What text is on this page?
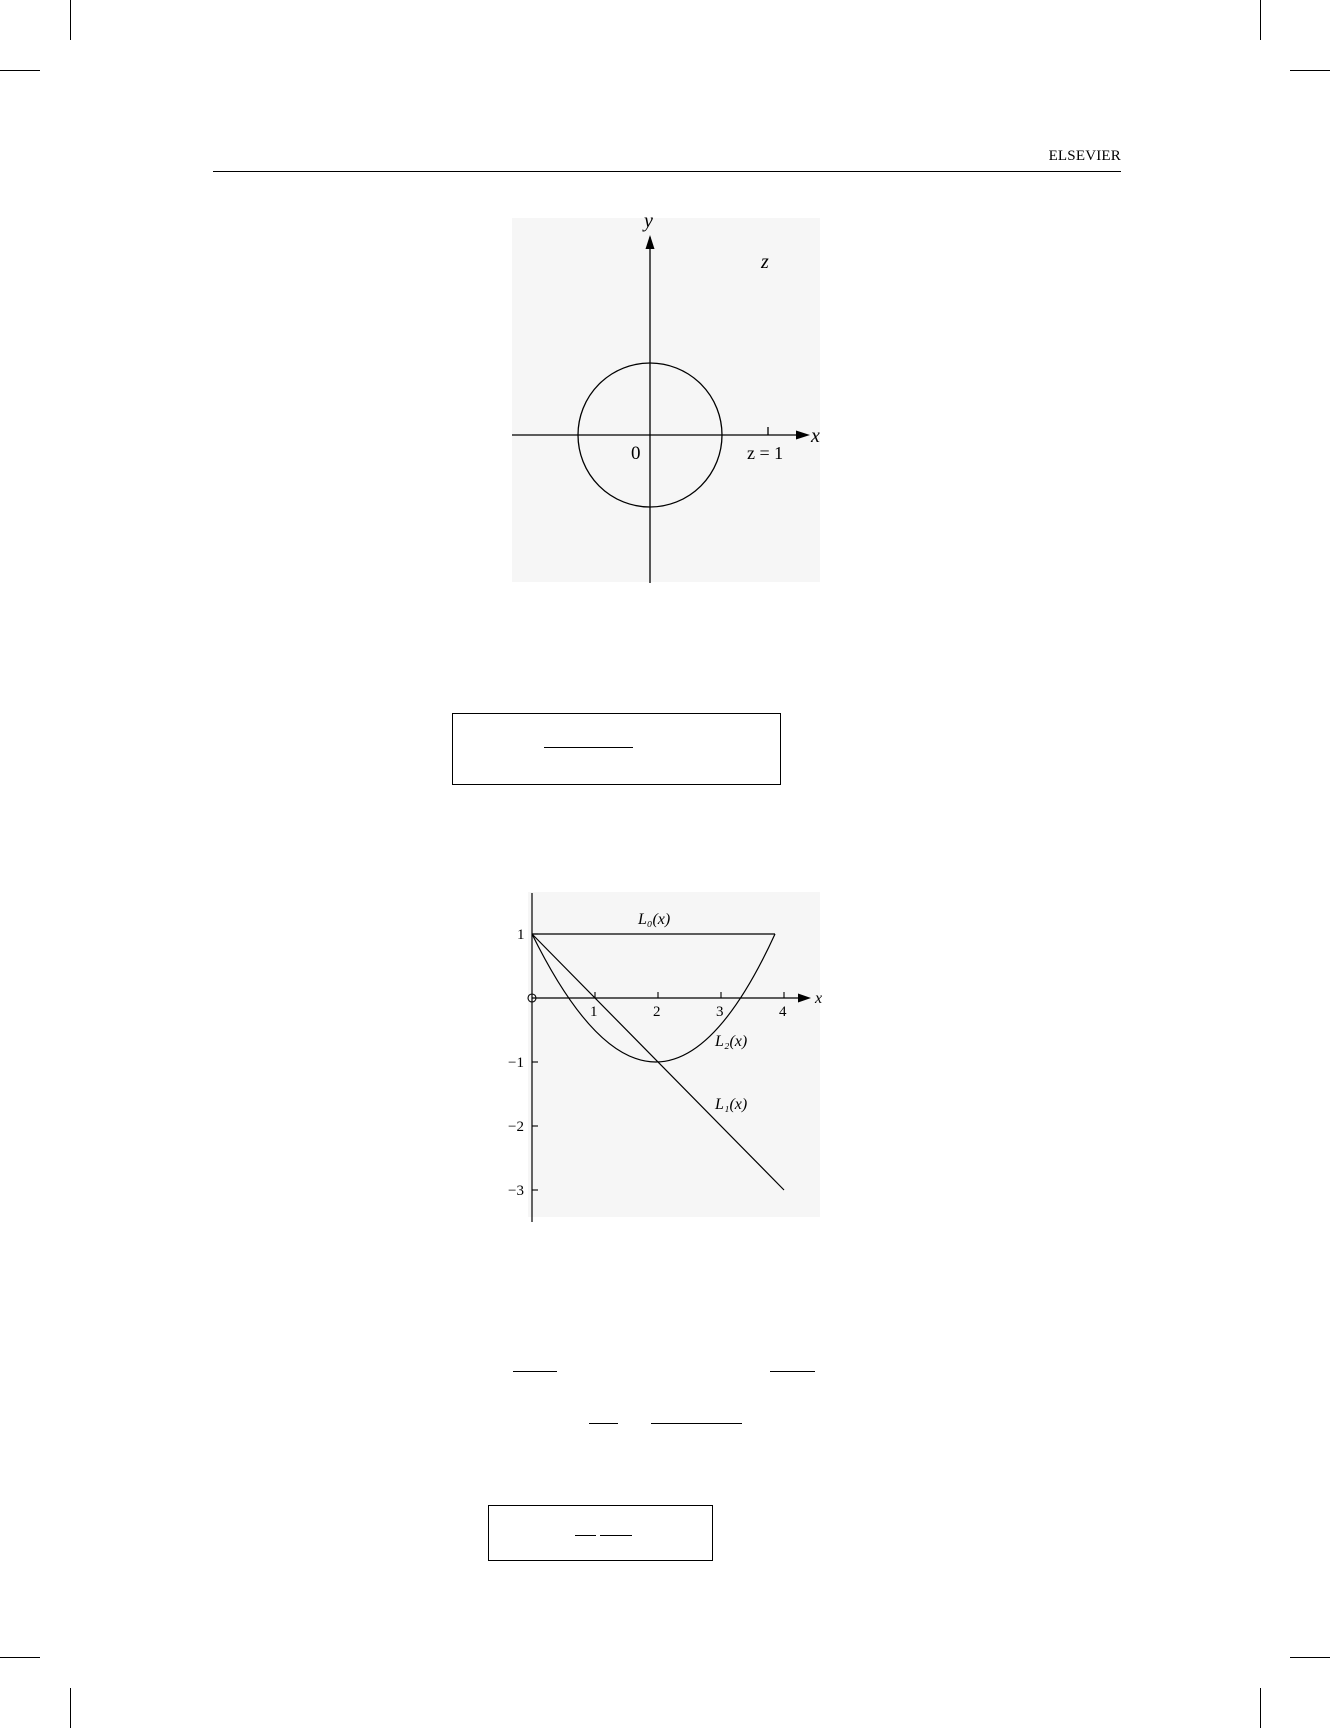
ELSEVIER
y
z
x
0	z = 1
1	2	3	4
1
−1
−2
−3
x
L₀(x)
L₂(x)
L₁(x)
